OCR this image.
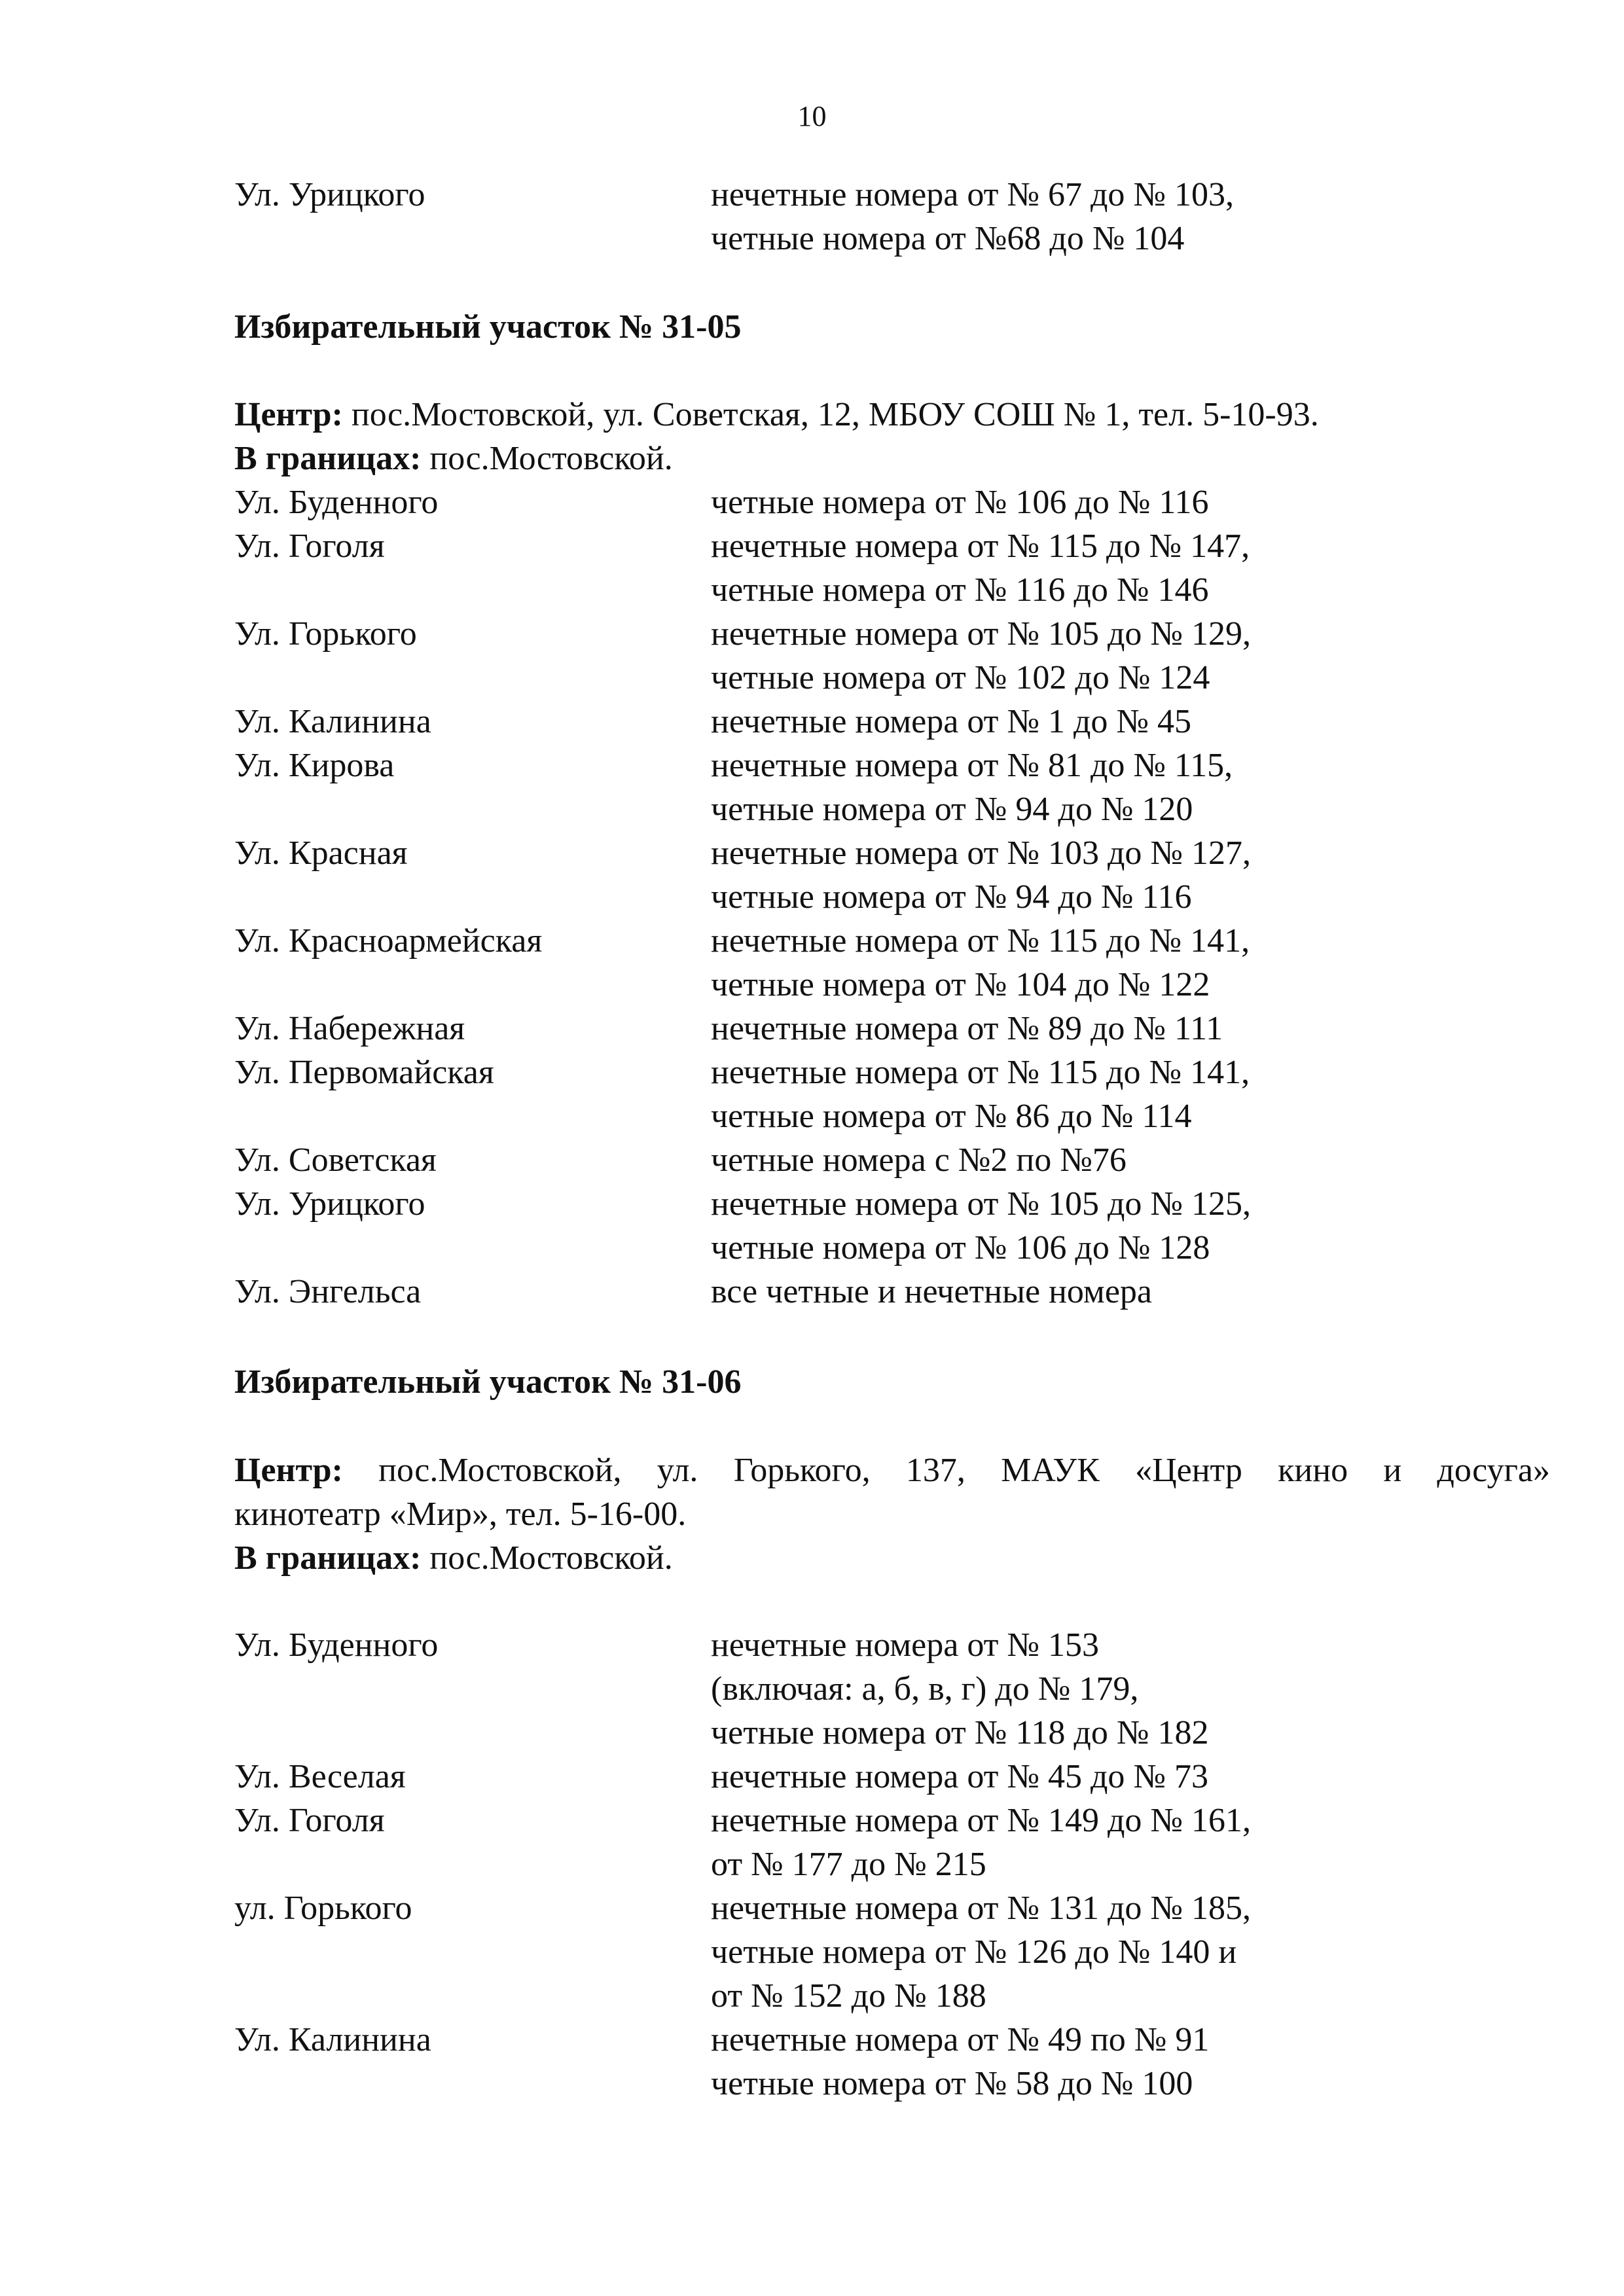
10
Ул. Урицкого	нечетные номера от № 67 до № 103,
четные номера от №68 до № 104
Избирательный участок № 31-05
Центр: пос.Мостовской, ул. Советская, 12, МБОУ СОШ № 1, тел. 5-10-93.
В границах: пос.Мостовской.
Ул. Буденного	четные номера от № 106 до № 116
Ул. Гоголя	нечетные номера от № 115 до № 147,
четные номера от № 116 до № 146
Ул. Горького	нечетные номера от № 105 до № 129,
четные номера от № 102 до № 124
Ул. Калинина	нечетные номера от № 1 до № 45
Ул. Кирова	нечетные номера от № 81 до № 115,
четные номера от № 94 до № 120
Ул. Красная	нечетные номера от № 103 до № 127,
четные номера от № 94 до № 116
Ул. Красноармейская	нечетные номера от № 115 до № 141,
четные номера от № 104 до № 122
Ул. Набережная	нечетные номера от № 89 до № 111
Ул. Первомайская	нечетные номера от № 115 до № 141,
четные номера от № 86 до № 114
Ул. Советская	четные номера с №2 по №76
Ул. Урицкого	нечетные номера от № 105 до № 125,
четные номера от № 106 до № 128
Ул. Энгельса	все четные и нечетные номера
Избирательный участок № 31-06
Центр: пос.Мостовской, ул. Горького, 137, МАУК «Центр кино и досуга»
кинотеатр «Мир», тел. 5-16-00.
В границах: пос.Мостовской.
Ул. Буденного	нечетные номера от № 153
(включая: а, б, в, г) до № 179,
четные номера от № 118 до № 182
Ул. Веселая	нечетные номера от № 45 до № 73
Ул. Гоголя	нечетные номера от № 149 до № 161,
от № 177 до № 215
ул. Горького	нечетные номера от № 131 до № 185,
четные номера от № 126 до № 140 и
от № 152 до № 188
Ул. Калинина	нечетные номера от № 49 по № 91
четные номера от № 58 до № 100
